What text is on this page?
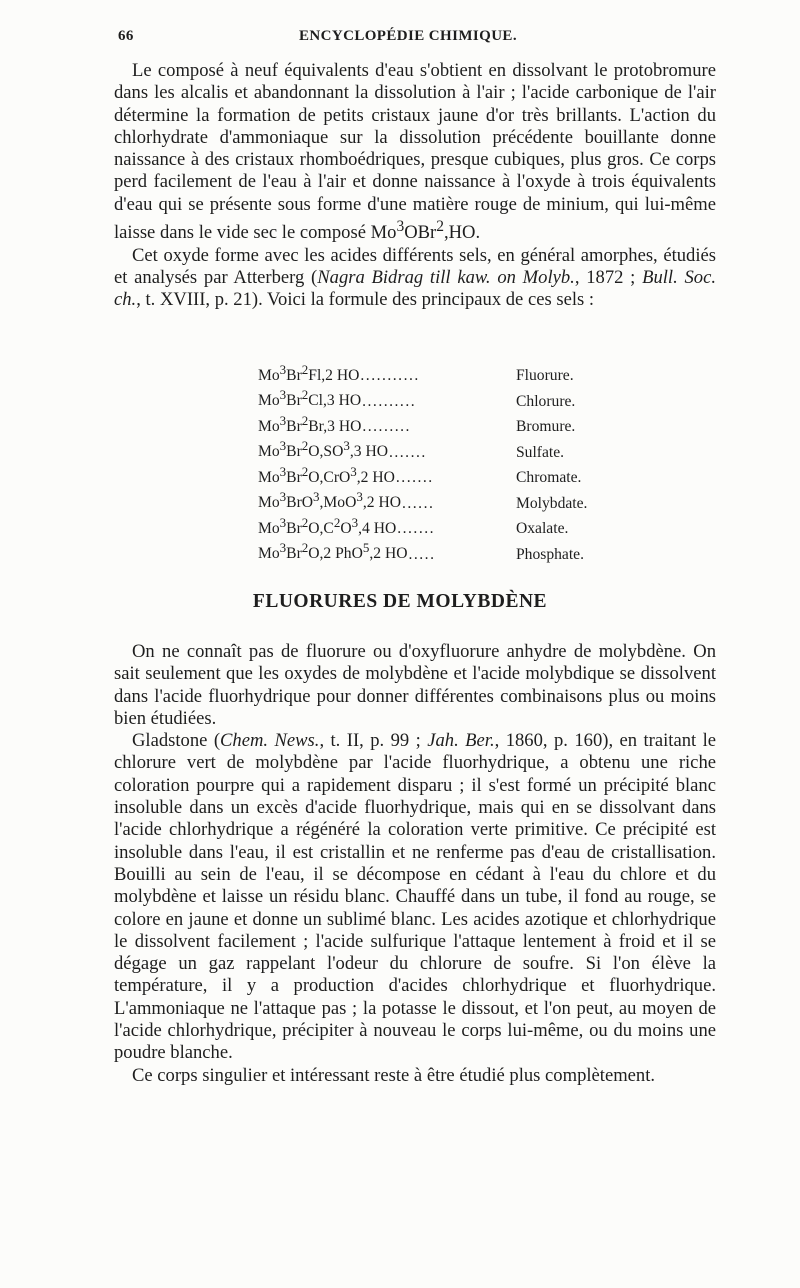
66	ENCYCLOPÉDIE CHIMIQUE.

Le composé à neuf équivalents d'eau s'obtient en dissolvant le protobromure dans les alcalis et abandonnant la dissolution à l'air ; l'acide carbonique de l'air détermine la formation de petits cristaux jaune d'or très brillants. L'action du chlorhydrate d'ammoniaque sur la dissolution précédente bouillante donne naissance à des cristaux rhomboédriques, presque cubiques, plus gros. Ce corps perd facilement de l'eau à l'air et donne naissance à l'oxyde à trois équivalents d'eau qui se présente sous forme d'une matière rouge de minium, qui lui-même laisse dans le vide sec le composé Mo$^3$OBr$^2$,HO.

Cet oxyde forme avec les acides différents sels, en général amorphes, étudiés et analysés par Atterberg (Nagra Bidrag till kaw. on Molyb., 1872 ; Bull. Soc. ch., t. XVIII, p. 21). Voici la formule des principaux de ces sels :

Mo$^3$Br$^2$Fl,2 HO ...........	Fluorure.
Mo$^3$Br$^2$Cl,3 HO ..........	Chlorure.
Mo$^3$Br$^2$Br,3 HO .........	Bromure.
$Mo^3Br^2O,SO^3,3$ HO .......	Sulfate.
Mo$^3$Br$^2$O,CrO$^3$,2 HO .......	Chromate.
Mo$^3$BrO$^3$,MoO$^3$,2 HO ......	Molybdate.
$Mo^3Br^2O,C^2O^3,4$ HO .......	Oxalate.
Mo$^3$Br$^2$O,2 PhO$^5$,2 HO .....	Phosphate.
FLUORURES DE MOLYBDÈNE

On ne connaît pas de fluorure ou d'oxyfluorure anhydre de molybdène. On sait seulement que les oxydes de molybdène et l'acide molybdique se dissolvent dans l'acide fluorhydrique pour donner différentes combinaisons plus ou moins bien étudiées.

Gladstone (Chem. News., t. II, p. 99 ; Jah. Ber., 1860, p. 160), en traitant le chlorure vert de molybdène par l'acide fluorhydrique, a obtenu une riche coloration pourpre qui a rapidement disparu ; il s'est formé un précipité blanc insoluble dans un excès d'acide fluorhydrique, mais qui en se dissolvant dans l'acide chlorhydrique a régénéré la coloration verte primitive. Ce précipité est insoluble dans l'eau, il est cristallin et ne renferme pas d'eau de cristallisation. Bouilli au sein de l'eau, il se décompose en cédant à l'eau du chlore et du molybdène et laisse un résidu blanc. Chauffé dans un tube, il fond au rouge, se colore en jaune et donne un sublimé blanc. Les acides azotique et chlorhydrique le dissolvent facilement ; l'acide sulfurique l'attaque lentement à froid et il se dégage un gaz rappelant l'odeur du chlorure de soufre. Si l'on élève la température, il y a production d'acides chlorhydrique et fluorhydrique. L'ammoniaque ne l'attaque pas ; la potasse le dissout, et l'on peut, au moyen de l'acide chlorhydrique, précipiter à nouveau le corps lui-même, ou du moins une poudre blanche.

Ce corps singulier et intéressant reste à être étudié plus complètement.
